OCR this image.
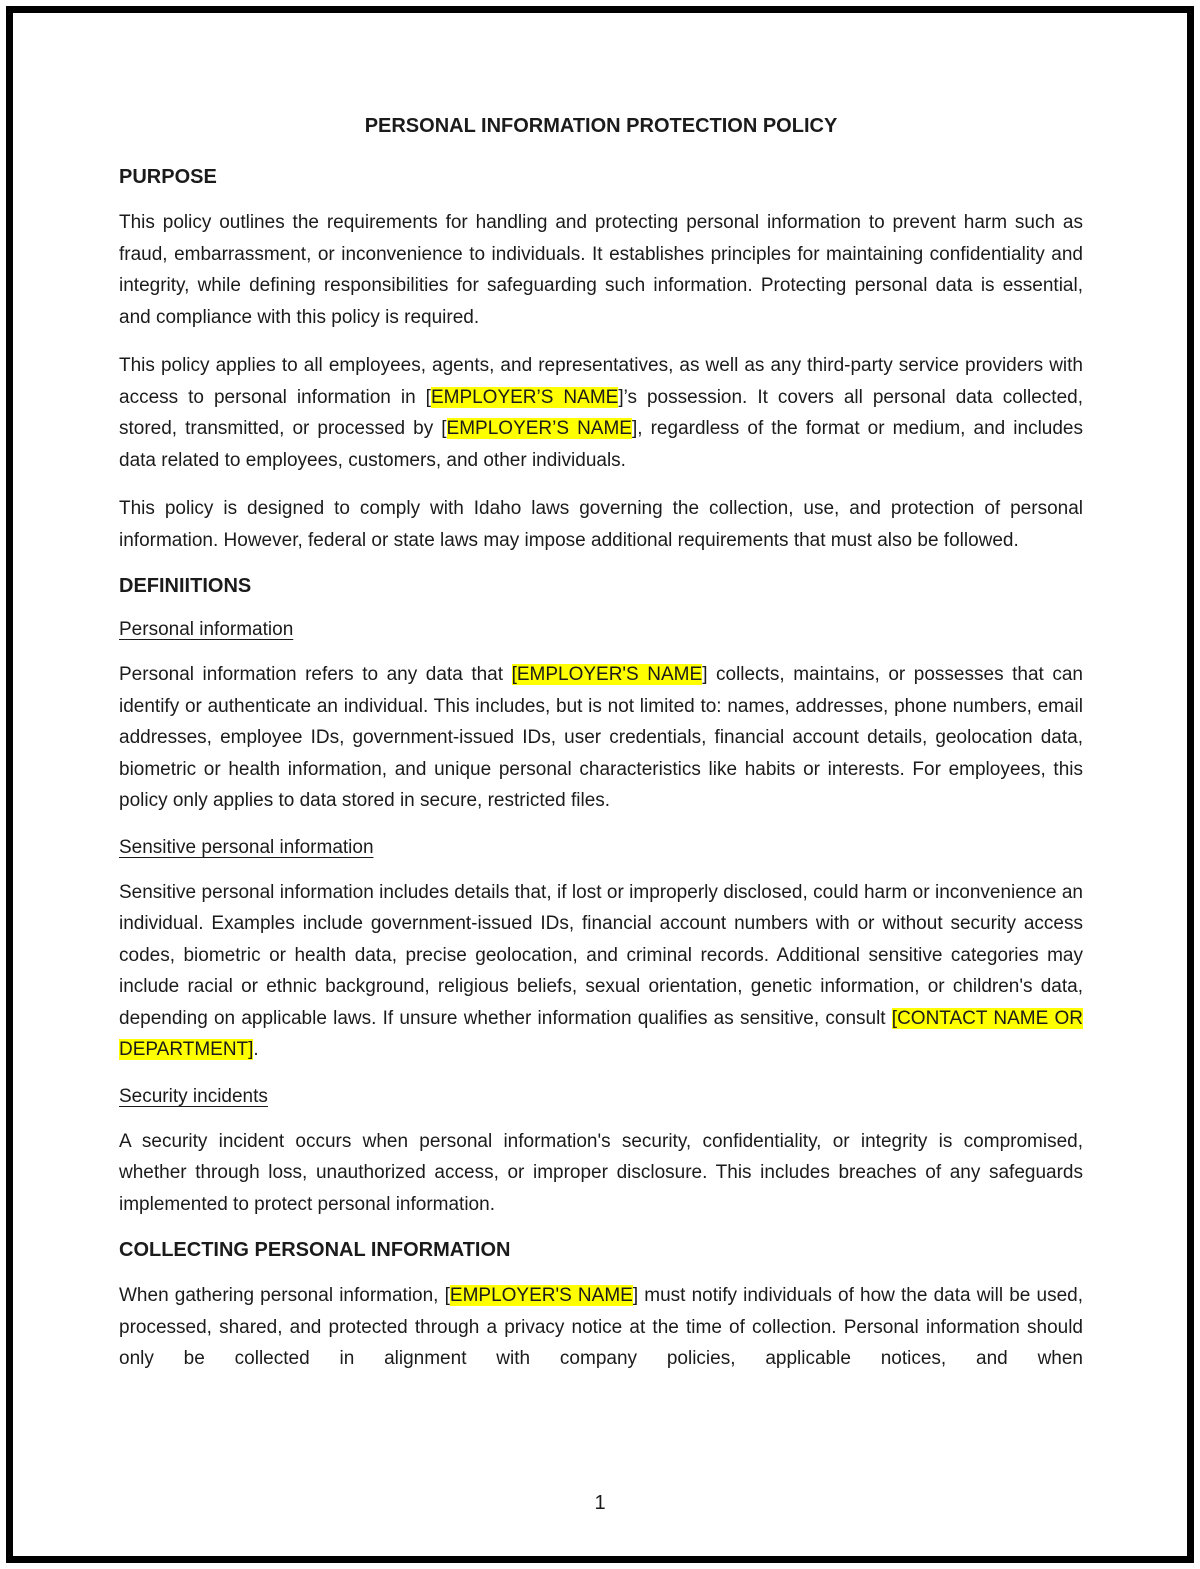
PERSONAL INFORMATION PROTECTION POLICY
PURPOSE

This policy outlines the requirements for handling and protecting personal information to prevent harm such as fraud, embarrassment, or inconvenience to individuals. It establishes principles for maintaining confidentiality and integrity, while defining responsibilities for safeguarding such information. Protecting personal data is essential, and compliance with this policy is required.

This policy applies to all employees, agents, and representatives, as well as any third-party service providers with access to personal information in [EMPLOYER’S NAME]’s possession. It covers all personal data collected, stored, transmitted, or processed by [EMPLOYER’S NAME], regardless of the format or medium, and includes data related to employees, customers, and other individuals.

This policy is designed to comply with Idaho laws governing the collection, use, and protection of personal information. However, federal or state laws may impose additional requirements that must also be followed.

DEFINIITIONS
Personal information

Personal information refers to any data that [EMPLOYER'S NAME] collects, maintains, or possesses that can identify or authenticate an individual. This includes, but is not limited to: names, addresses, phone numbers, email addresses, employee IDs, government-issued IDs, user credentials, financial account details, geolocation data, biometric or health information, and unique personal characteristics like habits or interests. For employees, this policy only applies to data stored in secure, restricted files.

Sensitive personal information

Sensitive personal information includes details that, if lost or improperly disclosed, could harm or inconvenience an individual. Examples include government-issued IDs, financial account numbers with or without security access codes, biometric or health data, precise geolocation, and criminal records. Additional sensitive categories may include racial or ethnic background, religious beliefs, sexual orientation, genetic information, or children's data, depending on applicable laws. If unsure whether information qualifies as sensitive, consult [CONTACT NAME OR DEPARTMENT].

Security incidents

A security incident occurs when personal information's security, confidentiality, or integrity is compromised, whether through loss, unauthorized access, or improper disclosure. This includes breaches of any safeguards implemented to protect personal information.

COLLECTING PERSONAL INFORMATION

When gathering personal information, [EMPLOYER'S NAME] must notify individuals of how the data will be used, processed, shared, and protected through a privacy notice at the time of collection. Personal information should only be collected in alignment with company policies, applicable notices, and when

1
